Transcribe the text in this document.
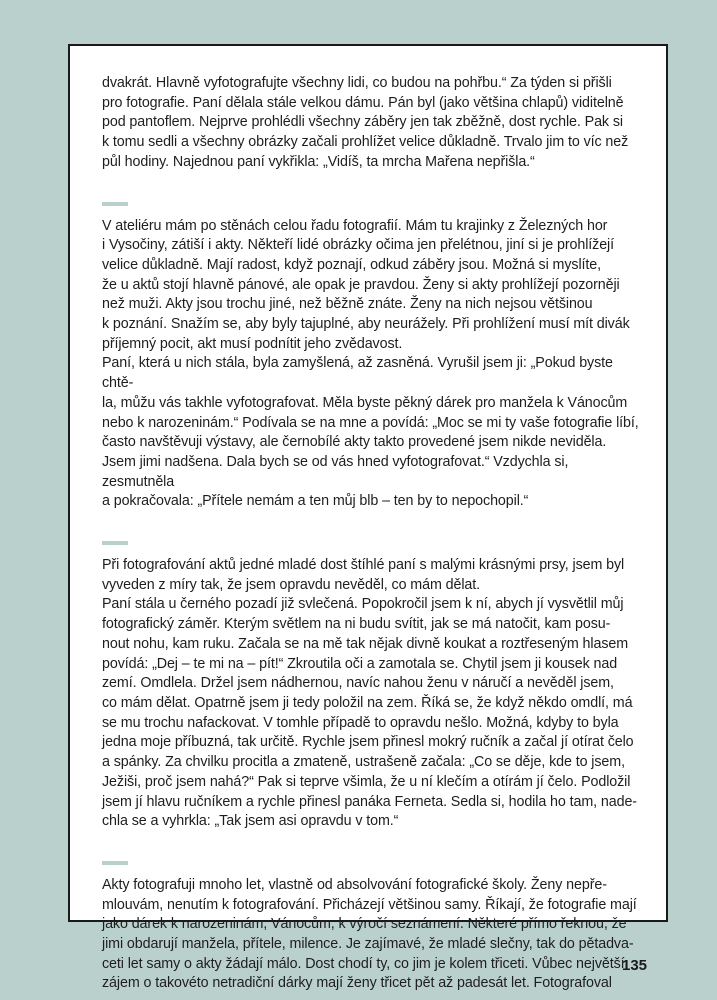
dvakrát. Hlavně vyfotografujte všechny lidi, co budou na pohřbu.“ Za týden si přišli
pro fotografie. Paní dělala stále velkou dámu. Pán byl (jako většina chlapů) viditelně
pod pantoflem. Nejprve prohlédli všechny záběry jen tak zběžně, dost rychle. Pak si
k tomu sedli a všechny obrázky začali prohlížet velice důkladně. Trvalo jim to víc než
půl hodiny. Najednou paní vykřikla: „Vidíš, ta mrcha Mařena nepřišla.“

V ateliéru mám po stěnách celou řadu fotografií. Mám tu krajinky z Železných hor
i Vysočiny, zátiší i akty. Někteří lidé obrázky očima jen přelétnou, jiní si je prohlížejí
velice důkladně. Mají radost, když poznají, odkud záběry jsou. Možná si myslíte,
že u aktů stojí hlavně pánové, ale opak je pravdou. Ženy si akty prohlížejí pozorněji
než muži. Akty jsou trochu jiné, než běžně znáte. Ženy na nich nejsou většinou
k poznání. Snažím se, aby byly tajuplné, aby neurážely. Při prohlížení musí mít divák
příjemný pocit, akt musí podnítit jeho zvědavost.

Paní, která u nich stála, byla zamyšlená, až zasněná. Vyrušil jsem ji: „Pokud byste chtě-
la, můžu vás takhle vyfotografovat. Měla byste pěkný dárek pro manžela k Vánocům
nebo k narozeninám.“ Podívala se na mne a povídá: „Moc se mi ty vaše fotografie líbí,
často navštěvuji výstavy, ale černobílé akty takto provedené jsem nikde neviděla.
Jsem jimi nadšena. Dala bych se od vás hned vyfotografovat.“ Vzdychla si, zesmutněla
a pokračovala: „Přítele nemám a ten můj blb – ten by to nepochopil.“

Při fotografování aktů jedné mladé dost štíhlé paní s malými krásnými prsy, jsem byl
vyveden z míry tak, že jsem opravdu nevěděl, co mám dělat.

Paní stála u černého pozadí již svlečená. Popokročil jsem k ní, abych jí vysvětlil můj
fotografický záměr. Kterým světlem na ni budu svítit, jak se má natočit, kam posu-
nout nohu, kam ruku. Začala se na mě tak nějak divně koukat a roztřeseným hlasem
povídá: „Dej – te mi na – pít!“ Zkroutila oči a zamotala se. Chytil jsem ji kousek nad
zemí. Omdlela. Držel jsem nádhernou, navíc nahou ženu v náručí a nevěděl jsem,
co mám dělat. Opatrně jsem ji tedy položil na zem. Říká se, že když někdo omdlí, má
se mu trochu nafackovat. V tomhle případě to opravdu nešlo. Možná, kdyby to byla
jedna moje příbuzná, tak určitě. Rychle jsem přinesl mokrý ručník a začal jí otírat čelo
a spánky. Za chvilku procitla a zmateně, ustrašeně začala: „Co se děje, kde to jsem,
Ježiši, proč jsem nahá?“ Pak si teprve všimla, že u ní klečím a otírám jí čelo. Podložil
jsem jí hlavu ručníkem a rychle přinesl panáka Ferneta. Sedla si, hodila ho tam, nade-
chla se a vyhrkla: „Tak jsem asi opravdu v tom.“

Akty fotografuji mnoho let, vlastně od absolvování fotografické školy. Ženy nepře-
mlouvám, nenutím k fotografování. Přicházejí většinou samy. Říkají, že fotografie mají
jako dárek k narozeninám, Vánocům, k výročí seznámení. Některé přímo řeknou, že
jimi obdarují manžela, přítele, milence. Je zajímavé, že mladé slečny, tak do pětadva-
ceti let samy o akty žádají málo. Dost chodí ty, co jim je kolem třiceti. Vůbec největší
zájem o takovéto netradiční dárky mají ženy třicet pět až padesát let. Fotografoval

135
